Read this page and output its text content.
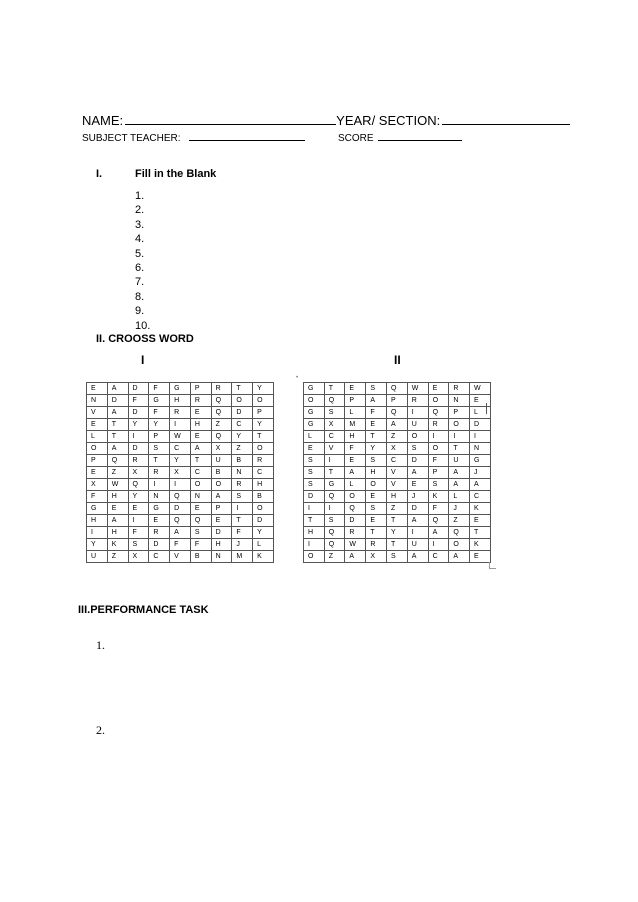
NAME:	YEAR/ SECTION:
SUBJECT TEACHER:	SCORE
I.	Fill in the Blank
1.
2.
3.
4.
5.
6.
7.
8.
9.
10.
II. CROOSS WORD
I	II
E	A	D	F	G	P	R	T	Y
N	D	F	G	H	R	Q	O	O
V	A	D	F	R	E	Q	D	P
E	T	Y	Y	I	H	Z	C	Y
L	T	I	P	W	E	Q	Y	T
O	A	D	S	C	A	X	Z	O
P	Q	R	T	Y	T	U	B	R
E	Z	X	R	X	C	B	N	C
X	W	Q	I	I	O	O	R	H
F	H	Y	N	Q	N	A	S	B
G	E	E	G	D	E	P	I	O
H	A	I	E	Q	Q	E	T	D
I	H	F	R	A	S	D	F	Y
Y	K	S	D	F	F	H	J	L
U	Z	X	C	V	B	N	M	K
•
G	T	E	S	Q	W	E	R	W
O	Q	P	A	P	R	O	N	E
G	S	L	F	Q	I	Q	P	L
G	X	M	E	A	U	R	O	D
L	C	H	T	Z	O	I	I	I
E	V	F	Y	X	S	O	T	N
S	I	E	S	C	D	F	U	G
S	T	A	H	V	A	P	A	J
S	G	L	O	V	E	S	A	A
D	Q	O	E	H	J	K	L	C
I	I	Q	S	Z	D	F	J	K
T	S	D	E	T	A	Q	Z	E
H	Q	R	T	Y	I	A	Q	T
I	Q	W	R	T	U	I	O	K
O	Z	A	X	S	A	C	A	E
III.PERFORMANCE TASK
1.
2.
